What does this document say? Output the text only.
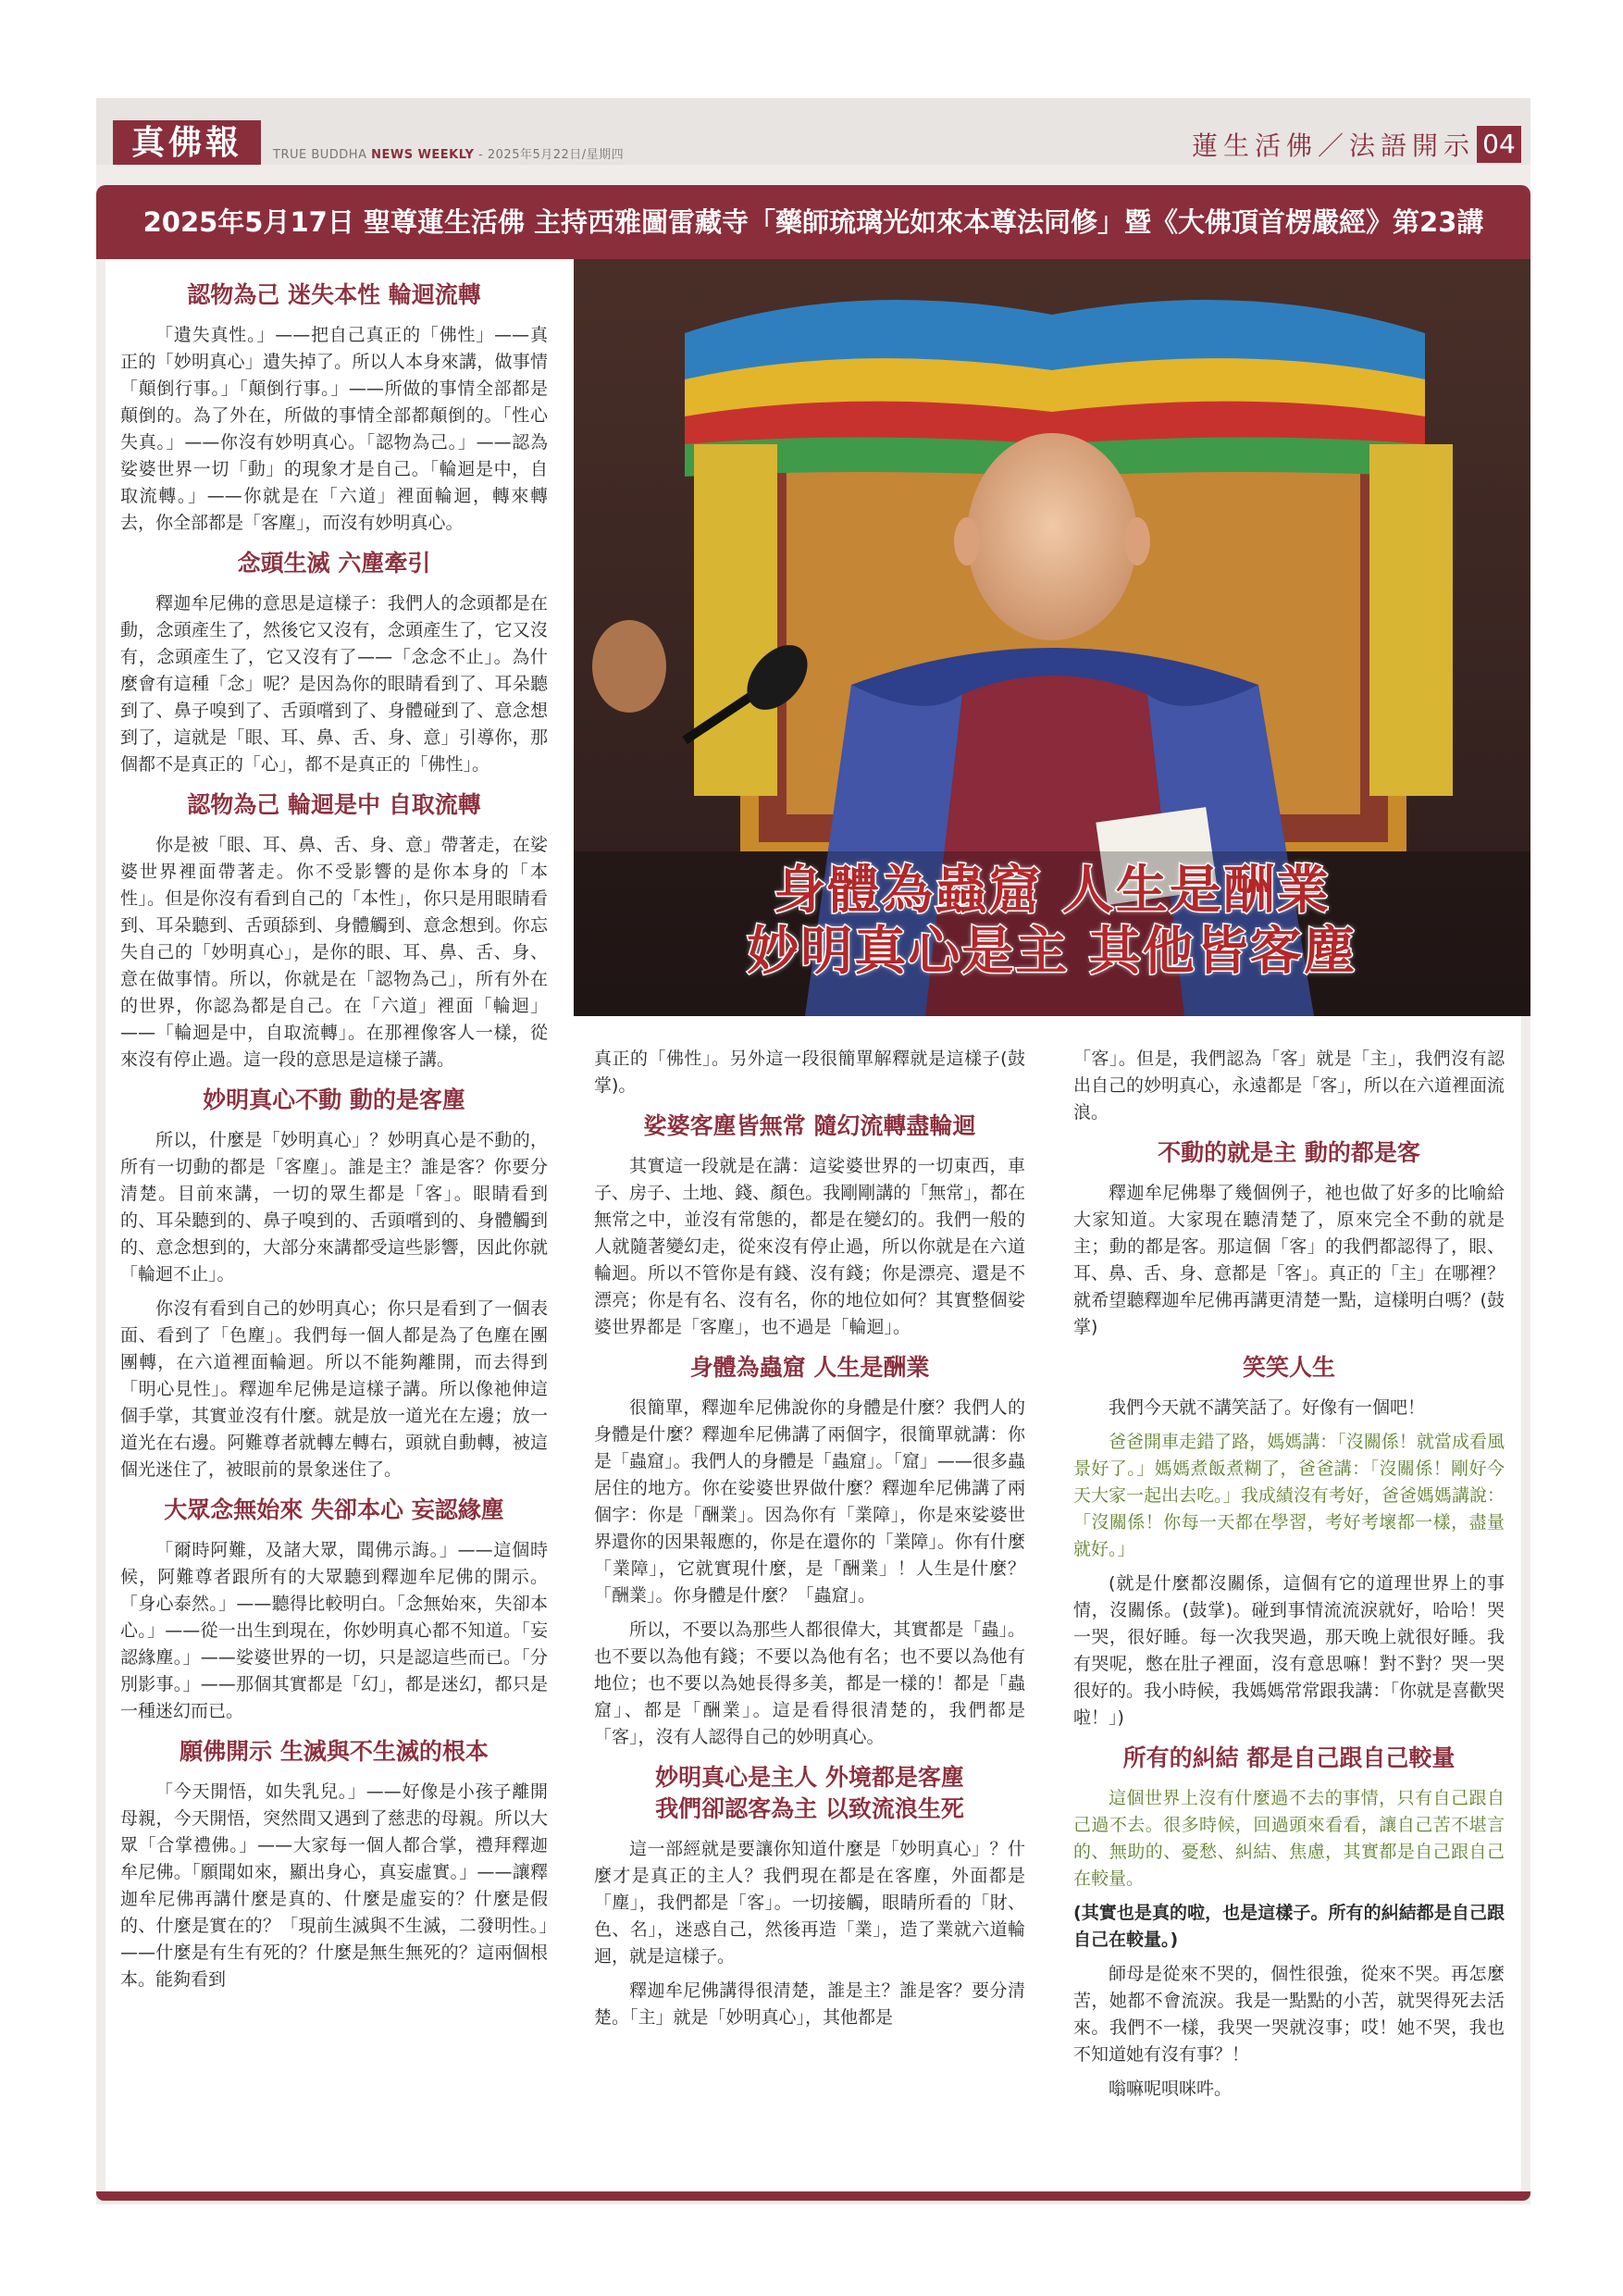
真佛報	TRUE BUDDHA NEWS WEEKLY - 2025年5月22日/星期四	蓮生活佛／法語開示 04
2025年5月17日 聖尊蓮生活佛 主持西雅圖雷藏寺「藥師琉璃光如來本尊法同修」暨《大佛頂首楞嚴經》第23講
身體為蟲窟 人生是酬業
妙明真心是主 其他皆客塵
認物為己 迷失本性 輪迴流轉

「遺失真性。」——把自己真正的「佛性」——真正的「妙明真心」遺失掉了。所以人本身來講，做事情「顛倒行事。」「顛倒行事。」——所做的事情全部都是顛倒的。為了外在，所做的事情全部都顛倒的。「性心失真。」——你沒有妙明真心。「認物為己。」——認為娑婆世界一切「動」的現象才是自己。「輪迴是中，自取流轉。」——你就是在「六道」裡面輪迴，轉來轉去，你全部都是「客塵」，而沒有妙明真心。

念頭生滅 六塵牽引

釋迦牟尼佛的意思是這樣子：我們人的念頭都是在動，念頭產生了，然後它又沒有，念頭產生了，它又沒有，念頭產生了，它又沒有了——「念念不止」。為什麼會有這種「念」呢？是因為你的眼睛看到了、耳朵聽到了、鼻子嗅到了、舌頭嚐到了、身體碰到了、意念想到了，這就是「眼、耳、鼻、舌、身、意」引導你，那個都不是真正的「心」，都不是真正的「佛性」。

認物為己 輪迴是中 自取流轉

你是被「眼、耳、鼻、舌、身、意」帶著走，在娑婆世界裡面帶著走。你不受影響的是你本身的「本性」。但是你沒有看到自己的「本性」，你只是用眼睛看到、耳朵聽到、舌頭舔到、身體觸到、意念想到。你忘失自己的「妙明真心」，是你的眼、耳、鼻、舌、身、意在做事情。所以，你就是在「認物為己」，所有外在的世界，你認為都是自己。在「六道」裡面「輪迴」——「輪迴是中，自取流轉」。在那裡像客人一樣，從來沒有停止過。這一段的意思是這樣子講。

妙明真心不動 動的是客塵

所以，什麼是「妙明真心」？妙明真心是不動的，所有一切動的都是「客塵」。誰是主？誰是客？你要分清楚。目前來講，一切的眾生都是「客」。眼睛看到的、耳朵聽到的、鼻子嗅到的、舌頭嚐到的、身體觸到的、意念想到的，大部分來講都受這些影響，因此你就「輪迴不止」。

你沒有看到自己的妙明真心；你只是看到了一個表面、看到了「色塵」。我們每一個人都是為了色塵在團團轉，在六道裡面輪迴。所以不能夠離開，而去得到「明心見性」。釋迦牟尼佛是這樣子講。所以像祂伸這個手掌，其實並沒有什麼。就是放一道光在左邊；放一道光在右邊。阿難尊者就轉左轉右，頭就自動轉，被這個光迷住了，被眼前的景象迷住了。

大眾念無始來 失卻本心 妄認緣塵

「爾時阿難，及諸大眾，聞佛示誨。」——這個時候，阿難尊者跟所有的大眾聽到釋迦牟尼佛的開示。「身心泰然。」——聽得比較明白。「念無始來，失卻本心。」——從一出生到現在，你妙明真心都不知道。「妄認緣塵。」——娑婆世界的一切，只是認這些而已。「分別影事。」——那個其實都是「幻」，都是迷幻，都只是一種迷幻而已。

願佛開示 生滅與不生滅的根本

「今天開悟，如失乳兒。」——好像是小孩子離開母親，今天開悟，突然間又遇到了慈悲的母親。所以大眾「合掌禮佛。」——大家每一個人都合掌，禮拜釋迦牟尼佛。「願聞如來，顯出身心，真妄虛實。」——讓釋迦牟尼佛再講什麼是真的、什麼是虛妄的？什麼是假的、什麼是實在的？「現前生滅與不生滅，二發明性。」——什麼是有生有死的？什麼是無生無死的？這兩個根本。能夠看到

真正的「佛性」。另外這一段很簡單解釋就是這樣子(鼓掌)。

娑婆客塵皆無常 隨幻流轉盡輪迴

其實這一段就是在講：這娑婆世界的一切東西，車子、房子、土地、錢、顏色。我剛剛講的「無常」，都在無常之中，並沒有常態的，都是在變幻的。我們一般的人就隨著變幻走，從來沒有停止過，所以你就是在六道輪迴。所以不管你是有錢、沒有錢；你是漂亮、還是不漂亮；你是有名、沒有名，你的地位如何？其實整個娑婆世界都是「客塵」，也不過是「輪迴」。

身體為蟲窟 人生是酬業

很簡單，釋迦牟尼佛說你的身體是什麼？我們人的身體是什麼？釋迦牟尼佛講了兩個字，很簡單就講：你是「蟲窟」。我們人的身體是「蟲窟」。「窟」——很多蟲居住的地方。你在娑婆世界做什麼？釋迦牟尼佛講了兩個字：你是「酬業」。因為你有「業障」，你是來娑婆世界還你的因果報應的，你是在還你的「業障」。你有什麼「業障」，它就實現什麼，是「酬業」！人生是什麼？「酬業」。你身體是什麼？「蟲窟」。

所以，不要以為那些人都很偉大，其實都是「蟲」。也不要以為他有錢；不要以為他有名；也不要以為他有地位；也不要以為她長得多美，都是一樣的！都是「蟲窟」、都是「酬業」。這是看得很清楚的，我們都是「客」，沒有人認得自己的妙明真心。

妙明真心是主人 外境都是客塵
我們卻認客為主 以致流浪生死

這一部經就是要讓你知道什麼是「妙明真心」？什麼才是真正的主人？我們現在都是在客塵，外面都是「塵」，我們都是「客」。一切接觸，眼睛所看的「財、色、名」，迷惑自己，然後再造「業」，造了業就六道輪迴，就是這樣子。

釋迦牟尼佛講得很清楚，誰是主？誰是客？要分清楚。「主」就是「妙明真心」，其他都是

「客」。但是，我們認為「客」就是「主」，我們沒有認出自己的妙明真心，永遠都是「客」，所以在六道裡面流浪。

不動的就是主 動的都是客

釋迦牟尼佛舉了幾個例子，祂也做了好多的比喻給大家知道。大家現在聽清楚了，原來完全不動的就是主；動的都是客。那這個「客」的我們都認得了，眼、耳、鼻、舌、身、意都是「客」。真正的「主」在哪裡？就希望聽釋迦牟尼佛再講更清楚一點，這樣明白嗎？(鼓掌)

笑笑人生

我們今天就不講笑話了。好像有一個吧！

爸爸開車走錯了路，媽媽講：「沒關係！就當成看風景好了。」媽媽煮飯煮糊了，爸爸講：「沒關係！剛好今天大家一起出去吃。」我成績沒有考好，爸爸媽媽講說：「沒關係！你每一天都在學習，考好考壞都一樣，盡量就好。」

(就是什麼都沒關係，這個有它的道理世界上的事情，沒關係。(鼓掌)。碰到事情流流淚就好，哈哈！哭一哭，很好睡。每一次我哭過，那天晚上就很好睡。我有哭呢，憋在肚子裡面，沒有意思嘛！對不對？哭一哭很好的。我小時候，我媽媽常常跟我講：「你就是喜歡哭啦！」)

所有的糾結 都是自己跟自己較量

這個世界上沒有什麼過不去的事情，只有自己跟自己過不去。很多時候，回過頭來看看，讓自己苦不堪言的、無助的、憂愁、糾結、焦慮，其實都是自己跟自己在較量。

(其實也是真的啦，也是這樣子。所有的糾結都是自己跟自己在較量。)

師母是從來不哭的，個性很強，從來不哭。再怎麼苦，她都不會流淚。我是一點點的小苦，就哭得死去活來。我們不一樣，我哭一哭就沒事；哎！她不哭，我也不知道她有沒有事？！

嗡嘛呢唄咪吽。
